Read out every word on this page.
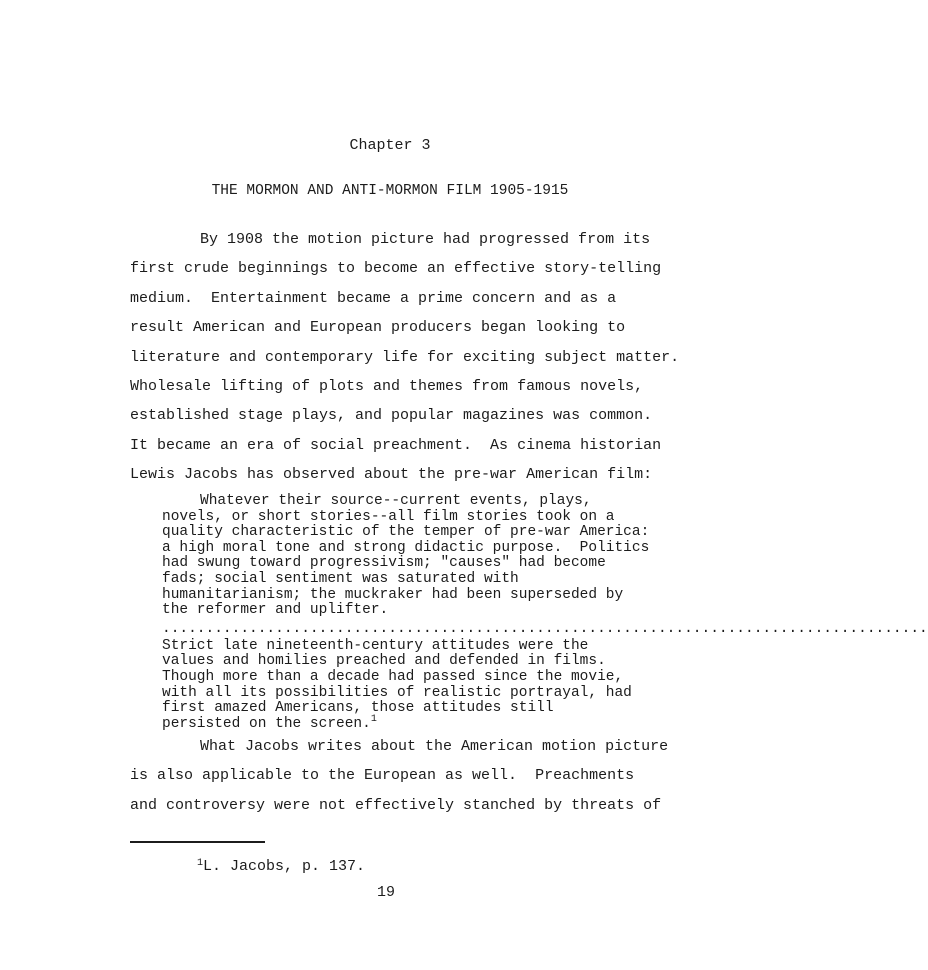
Chapter 3
THE MORMON AND ANTI-MORMON FILM 1905-1915
By 1908 the motion picture had progressed from its
first crude beginnings to become an effective story-telling
medium.  Entertainment became a prime concern and as a
result American and European producers began looking to
literature and contemporary life for exciting subject matter.
Wholesale lifting of plots and themes from famous novels,
established stage plays, and popular magazines was common.
It became an era of social preachment.  As cinema historian
Lewis Jacobs has observed about the pre-war American film:
Whatever their source--current events, plays,
novels, or short stories--all film stories took on a
quality characteristic of the temper of pre-war America:
a high moral tone and strong didactic purpose.  Politics
had swung toward progressivism; "causes" had become
fads; social sentiment was saturated with
humanitarianism; the muckraker had been superseded by
the reformer and uplifter.
........................................................................................
Strict late nineteenth-century attitudes were the
values and homilies preached and defended in films.
Though more than a decade had passed since the movie,
with all its possibilities of realistic portrayal, had
first amazed Americans, those attitudes still
persisted on the screen.$^1$
What Jacobs writes about the American motion picture
is also applicable to the European as well.  Preachments
and controversy were not effectively stanched by threats of
$^1$L. Jacobs, p. 137.
19
